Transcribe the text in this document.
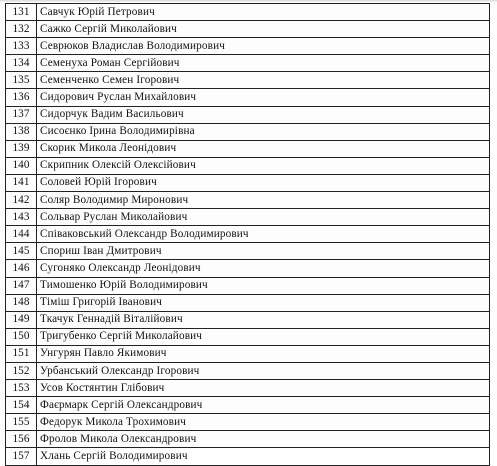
131	Савчук Юрій Петрович
132	Сажко Сергій Миколайович
133	Севрюков Владислав Володимирович
134	Семенуха Роман Сергійович
135	Семенченко Семен Ігорович
136	Сидорович Руслан Михайлович
137	Сидорчук Вадим Васильович
138	Сисоєнко Ірина Володимирівна
139	Скорик Микола Леонідович
140	Скрипник Олексій Олексійович
141	Соловей Юрій Ігорович
142	Соляр Володимир Миронович
143	Сольвар Руслан Миколайович
144	Співаковський Олександр Володимирович
145	Спориш Іван Дмитрович
146	Сугоняко Олександр Леонідович
147	Тимошенко Юрій Володимирович
148	Тіміш Григорій Іванович
149	Ткачук Геннадій Віталійович
150	Тригубенко Сергій Миколайович
151	Унгурян Павло Якимович
152	Урбанський Олександр Ігорович
153	Усов Костянтин Глібович
154	Фаєрмарк Сергій Олександрович
155	Федорук Микола Трохимович
156	Фролов Микола Олександрович
157	Хлань Сергій Володимирович
